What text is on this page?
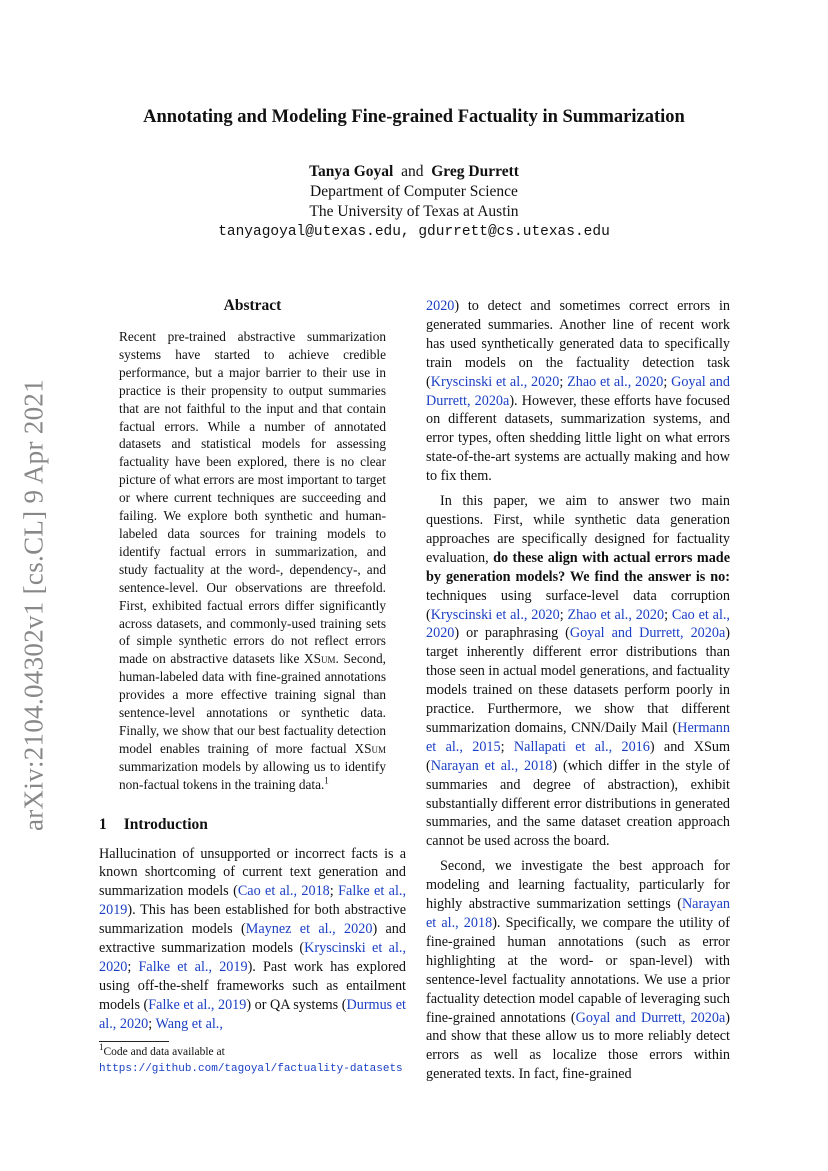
arXiv:2104.04302v1 [cs.CL] 9 Apr 2021
Annotating and Modeling Fine-grained Factuality in Summarization
Tanya Goyal and Greg Durrett
Department of Computer Science
The University of Texas at Austin
tanyagoyal@utexas.edu, gdurrett@cs.utexas.edu
Abstract
Recent pre-trained abstractive summarization systems have started to achieve credible performance, but a major barrier to their use in practice is their propensity to output summaries that are not faithful to the input and that contain factual errors. While a number of annotated datasets and statistical models for assessing factuality have been explored, there is no clear picture of what errors are most important to target or where current techniques are succeeding and failing. We explore both synthetic and human-labeled data sources for training models to identify factual errors in summarization, and study factuality at the word-, dependency-, and sentence-level. Our observations are threefold. First, exhibited factual errors differ significantly across datasets, and commonly-used training sets of simple synthetic errors do not reflect errors made on abstractive datasets like XSum. Second, human-labeled data with fine-grained annotations provides a more effective training signal than sentence-level annotations or synthetic data. Finally, we show that our best factuality detection model enables training of more factual XSum summarization models by allowing us to identify non-factual tokens in the training data.$^1$
1 Introduction

Hallucination of unsupported or incorrect facts is a known shortcoming of current text generation and summarization models (Cao et al., 2018; Falke et al., 2019). This has been established for both abstractive summarization models (Maynez et al., 2020) and extractive summarization models (Kryscinski et al., 2020; Falke et al., 2019). Past work has explored using off-the-shelf frameworks such as entailment models (Falke et al., 2019) or QA systems (Durmus et al., 2020; Wang et al.,

2020) to detect and sometimes correct errors in generated summaries. Another line of recent work has used synthetically generated data to specifically train models on the factuality detection task (Kryscinski et al., 2020; Zhao et al., 2020; Goyal and Durrett, 2020a). However, these efforts have focused on different datasets, summarization systems, and error types, often shedding little light on what errors state-of-the-art systems are actually making and how to fix them.

In this paper, we aim to answer two main questions. First, while synthetic data generation approaches are specifically designed for factuality evaluation, do these align with actual errors made by generation models? We find the answer is no: techniques using surface-level data corruption (Kryscinski et al., 2020; Zhao et al., 2020; Cao et al., 2020) or paraphrasing (Goyal and Durrett, 2020a) target inherently different error distributions than those seen in actual model generations, and factuality models trained on these datasets perform poorly in practice. Furthermore, we show that different summarization domains, CNN/Daily Mail (Hermann et al., 2015; Nallapati et al., 2016) and XSum (Narayan et al., 2018) (which differ in the style of summaries and degree of abstraction), exhibit substantially different error distributions in generated summaries, and the same dataset creation approach cannot be used across the board.

Second, we investigate the best approach for modeling and learning factuality, particularly for highly abstractive summarization settings (Narayan et al., 2018). Specifically, we compare the utility of fine-grained human annotations (such as error highlighting at the word- or span-level) with sentence-level factuality annotations. We use a prior factuality detection model capable of leveraging such fine-grained annotations (Goyal and Durrett, 2020a) and show that these allow us to more reliably detect errors as well as localize those errors within generated texts. In fact, fine-grained

$^1$Code and data available at https://github.com/tagoyal/factuality-datasets
